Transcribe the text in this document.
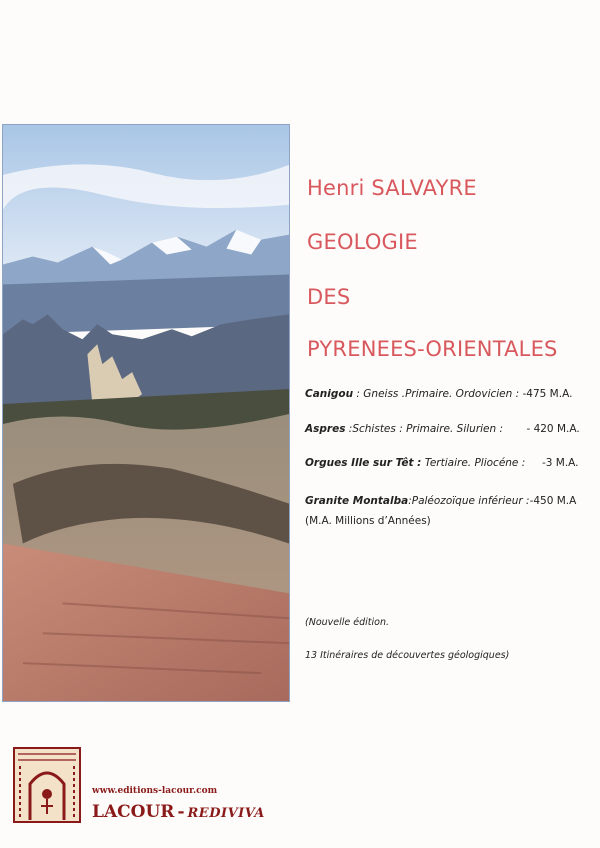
Henri SALVAYRE
GEOLOGIE
DES
PYRENEES-ORIENTALES
Canigou : Gneiss .Primaire. Ordovicien : -475 M.A.
Aspres :Schistes : Primaire. Silurien : - 420 M.A.
Orgues Ille sur Têt : Tertiaire. Pliocéne : -3 M.A.
Granite Montalba:Paléozoïque inférieur :-450 M.A
(M.A. Millions d’Années)
(Nouvelle édition.
13 Itinéraires de découvertes géologiques)
www.editions-lacour.com
LACOUR - REDIVIVA
